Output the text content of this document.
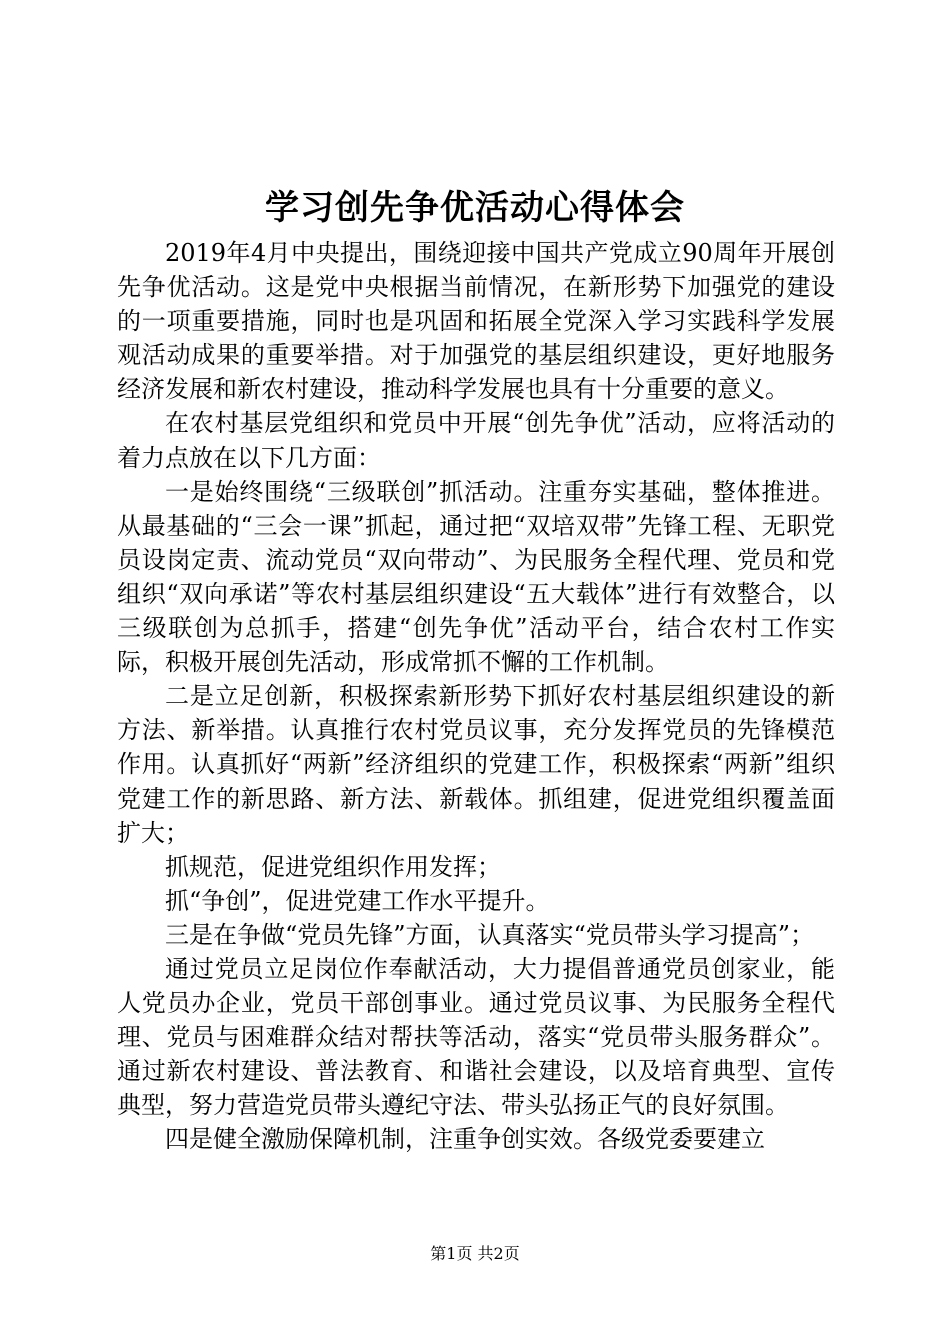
学习创先争优活动心得体会

2019年4月中央提出，围绕迎接中国共产党成立90周年开展创先争优活动。这是党中央根据当前情况，在新形势下加强党的建设的一项重要措施，同时也是巩固和拓展全党深入学习实践科学发展观活动成果的重要举措。对于加强党的基层组织建设，更好地服务经济发展和新农村建设，推动科学发展也具有十分重要的意义。

在农村基层党组织和党员中开展“创先争优”活动，应将活动的着力点放在以下几方面：

一是始终围绕“三级联创”抓活动。注重夯实基础，整体推进。从最基础的“三会一课”抓起，通过把“双培双带”先锋工程、无职党员设岗定责、流动党员“双向带动”、为民服务全程代理、党员和党组织“双向承诺”等农村基层组织建设“五大载体”进行有效整合，以三级联创为总抓手，搭建“创先争优”活动平台，结合农村工作实际，积极开展创先活动，形成常抓不懈的工作机制。

二是立足创新，积极探索新形势下抓好农村基层组织建设的新方法、新举措。认真推行农村党员议事，充分发挥党员的先锋模范作用。认真抓好“两新”经济组织的党建工作，积极探索“两新”组织党建工作的新思路、新方法、新载体。抓组建，促进党组织覆盖面扩大；

抓规范，促进党组织作用发挥；

抓“争创”，促进党建工作水平提升。

三是在争做“党员先锋”方面，认真落实“党员带头学习提高”；

通过党员立足岗位作奉献活动，大力提倡普通党员创家业，能人党员办企业，党员干部创事业。通过党员议事、为民服务全程代理、党员与困难群众结对帮扶等活动，落实“党员带头服务群众”。通过新农村建设、普法教育、和谐社会建设，以及培育典型、宣传典型，努力营造党员带头遵纪守法、带头弘扬正气的良好氛围。

四是健全激励保障机制，注重争创实效。各级党委要建立

第1页 共2页
